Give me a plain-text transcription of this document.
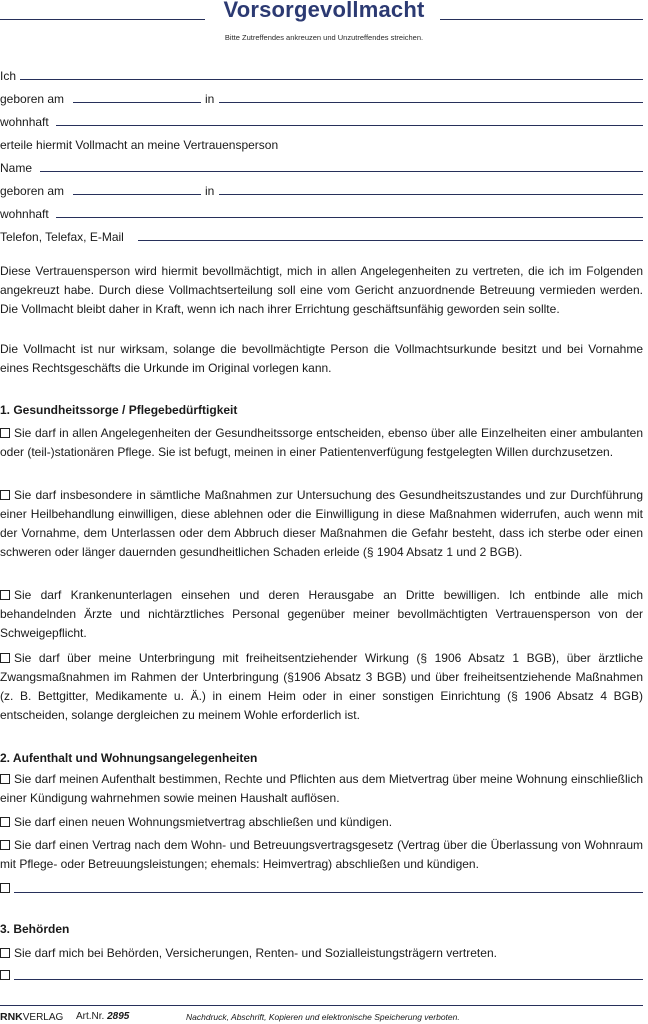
Vorsorgevollmacht
Bitte Zutreffendes ankreuzen und Unzutreffendes streichen.
Ich
geboren am	in
wohnhaft
erteile hiermit Vollmacht an meine Vertrauensperson
Name
geboren am	in
wohnhaft
Telefon, Telefax, E-Mail

Diese Vertrauensperson wird hiermit bevollmächtigt, mich in allen Angelegenheiten zu vertreten, die ich im Folgenden angekreuzt habe. Durch diese Vollmachtserteilung soll eine vom Gericht anzuordnende Betreuung vermieden werden. Die Vollmacht bleibt daher in Kraft, wenn ich nach ihrer Errichtung geschäftsunfähig geworden sein sollte.

Die Vollmacht ist nur wirksam, solange die bevollmächtigte Person die Vollmachtsurkunde besitzt und bei Vornahme eines Rechtsgeschäfts die Urkunde im Original vorlegen kann.

1. Gesundheitssorge / Pflegebedürftigkeit

Sie darf in allen Angelegenheiten der Gesundheitssorge entscheiden, ebenso über alle Einzelheiten einer ambulanten oder (teil-)stationären Pflege. Sie ist befugt, meinen in einer Patientenverfügung festgelegten Willen durchzusetzen.

Sie darf insbesondere in sämtliche Maßnahmen zur Untersuchung des Gesundheitszustandes und zur Durchführung einer Heilbehandlung einwilligen, diese ablehnen oder die Einwilligung in diese Maßnahmen widerrufen, auch wenn mit der Vornahme, dem Unterlassen oder dem Abbruch dieser Maßnahmen die Gefahr besteht, dass ich sterbe oder einen schweren oder länger dauernden gesundheitlichen Schaden erleide (§ 1904 Absatz 1 und 2 BGB).

Sie darf Krankenunterlagen einsehen und deren Herausgabe an Dritte bewilligen. Ich entbinde alle mich behandelnden Ärzte und nichtärztliches Personal gegenüber meiner bevollmächtigten Vertrauensperson von der Schweigepflicht.

Sie darf über meine Unterbringung mit freiheitsentziehender Wirkung (§ 1906 Absatz 1 BGB), über ärztliche Zwangsmaßnahmen im Rahmen der Unterbringung (§1906 Absatz 3 BGB) und über freiheitsentziehende Maßnahmen (z. B. Bettgitter, Medikamente u. Ä.) in einem Heim oder in einer sonstigen Einrichtung (§ 1906 Absatz 4 BGB) entscheiden, solange dergleichen zu meinem Wohle erforderlich ist.

2. Aufenthalt und Wohnungsangelegenheiten

Sie darf meinen Aufenthalt bestimmen, Rechte und Pflichten aus dem Mietvertrag über meine Wohnung einschließlich einer Kündigung wahrnehmen sowie meinen Haushalt auflösen.

Sie darf einen neuen Wohnungsmietvertrag abschließen und kündigen.

Sie darf einen Vertrag nach dem Wohn- und Betreuungsvertragsgesetz (Vertrag über die Überlassung von Wohnraum mit Pflege- oder Betreuungsleistungen; ehemals: Heimvertrag) abschließen und kündigen.

3. Behörden

Sie darf mich bei Behörden, Versicherungen, Renten- und Sozialleistungsträgern vertreten.

RNKVERLAG Art.Nr. 2895	Nachdruck, Abschrift, Kopieren und elektronische Speicherung verboten.
